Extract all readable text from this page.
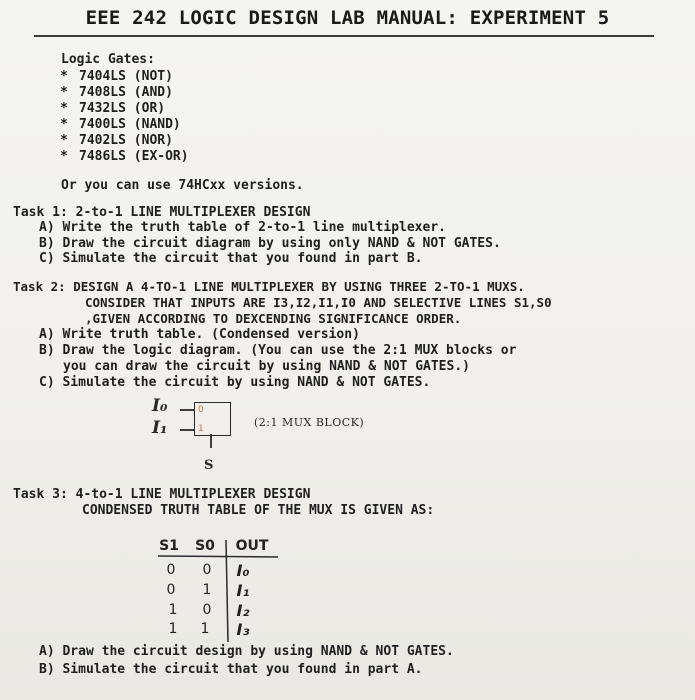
EEE 242 LOGIC DESIGN LAB MANUAL: EXPERIMENT 5
Logic Gates:
* 7404LS (NOT)
* 7408LS (AND)
* 7432LS (OR)
* 7400LS (NAND)
* 7402LS (NOR)
* 7486LS (EX-OR)
Or you can use 74HCxx versions.
Task 1: 2-to-1 LINE MULTIPLEXER DESIGN
A) Write the truth table of 2-to-1 line multiplexer.
B) Draw the circuit diagram by using only NAND & NOT GATES.
C) Simulate the circuit that you found in part B.
Task 2: DESIGN A 4-TO-1 LINE MULTIPLEXER BY USING THREE 2-TO-1 MUXS.
CONSIDER THAT INPUTS ARE I3,I2,I1,I0 AND SELECTIVE LINES S1,S0
,GIVEN ACCORDING TO DEXCENDING SIGNIFICANCE ORDER.
A) Write truth table. (Condensed version)
B) Draw the logic diagram. (You can use the 2:1 MUX blocks or
you can draw the circuit by using NAND & NOT GATES.)
C) Simulate the circuit by using NAND & NOT GATES.
I₀
I₁
0
1
S
(2:1 MUX BLOCK)
Task 3: 4-to-1 LINE MULTIPLEXER DESIGN
CONDENSED TRUTH TABLE OF THE MUX IS GIVEN AS:
S1 S0 OUT
0	0	I₀
0	1	I₁
1	0	I₂
1	1	I₃
A) Draw the circuit design by using NAND & NOT GATES.
B) Simulate the circuit that you found in part A.
